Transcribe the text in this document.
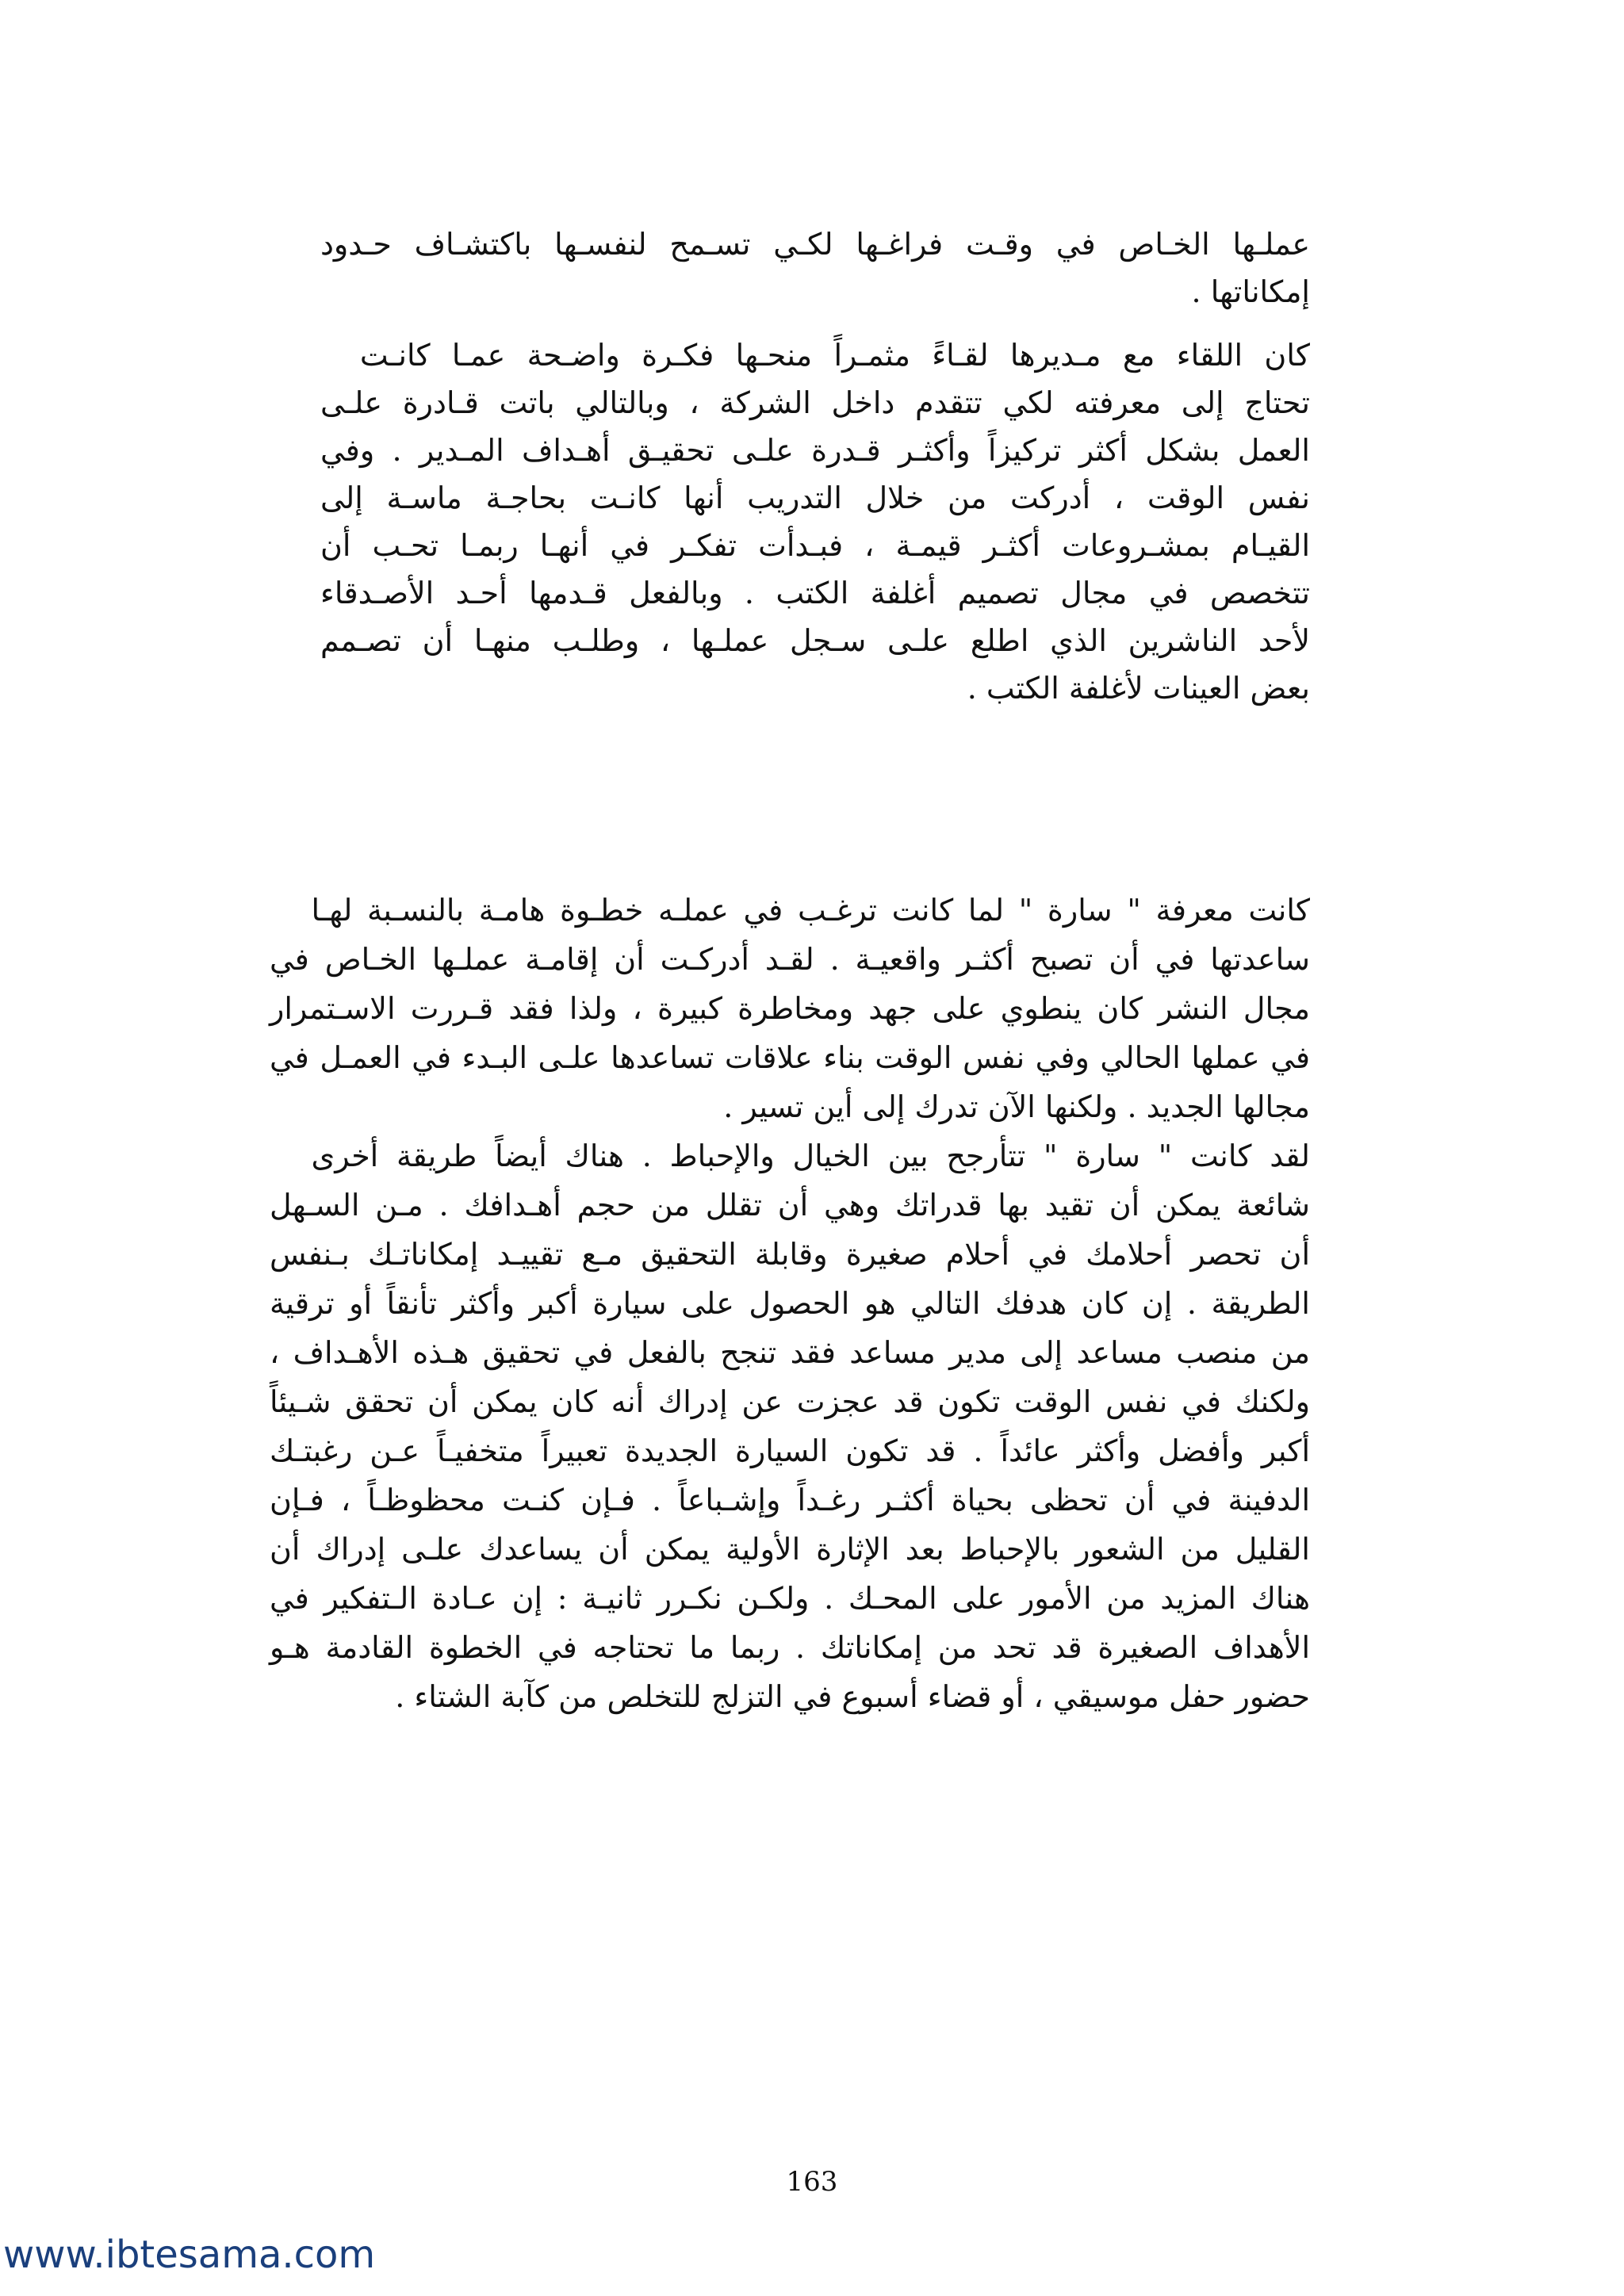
عملـها الخـاص في وقـت فراغـها لكـي تسـمح لنفسـها باكتشـاف حـدود
إمكاناتها .
كان اللقاء مع مـديرها لقـاءً مثمـراً منحـها فكـرة واضـحة عمـا كانـت
تحتاج إلى معرفته لكي تتقدم داخل الشركة ، وبالتالي باتت قـادرة علـى
العمل بشكل أكثر تركيزاً وأكثـر قـدرة علـى تحقيـق أهـداف المـدير . وفي
نفس الوقت ، أدركت من خلال التدريب أنها كانـت بحاجـة ماسـة إلى
القيـام بمشـروعات أكثـر قيمـة ، فبـدأت تفكـر في أنهـا ربمـا تحـب أن
تتخصص في مجال تصميم أغلفة الكتب . وبالفعل قـدمها أحـد الأصـدقاء
لأحد الناشرين الذي اطلع علـى سـجل عملـها ، وطلـب منهـا أن تصـمم
بعض العينات لأغلفة الكتب .
كانت معرفة " سارة " لما كانت ترغـب في عملـه خطـوة هامـة بالنسـبة لهـا
ساعدتها في أن تصبح أكثـر واقعيـة . لقـد أدركـت أن إقامـة عملـها الخـاص في
مجال النشر كان ينطوي على جهد ومخاطرة كبيرة ، ولذا فقد قـررت الاسـتمرار
في عملها الحالي وفي نفس الوقت بناء علاقات تساعدها علـى البـدء في العمـل في
مجالها الجديد . ولكنها الآن تدرك إلى أين تسير .
لقد كانت " سارة " تتأرجح بين الخيال والإحباط . هناك أيضاً طريقة أخرى
شائعة يمكن أن تقيد بها قدراتك وهي أن تقلل من حجم أهـدافك . مـن السـهل
أن تحصر أحلامك في أحلام صغيرة وقابلة التحقيق مـع تقييـد إمكاناتـك بـنفس
الطريقة . إن كان هدفك التالي هو الحصول على سيارة أكبر وأكثر تأنقاً أو ترقية
من منصب مساعد إلى مدير مساعد فقد تنجح بالفعل في تحقيق هـذه الأهـداف ،
ولكنك في نفس الوقت تكون قد عجزت عن إدراك أنه كان يمكن أن تحقق شـيئاً
أكبر وأفضل وأكثر عائداً . قد تكون السيارة الجديدة تعبيراً متخفيـاً عـن رغبتـك
الدفينة في أن تحظى بحياة أكثـر رغـداً وإشـباعاً . فـإن كنـت محظوظـاً ، فـإن
القليل من الشعور بالإحباط بعد الإثارة الأولية يمكن أن يساعدك علـى إدراك أن
هناك المزيد من الأمور على المحـك . ولكـن نكـرر ثانيـة : إن عـادة الـتفكير في
الأهداف الصغيرة قد تحد من إمكاناتك . ربما ما تحتاجه في الخطوة القادمة هـو
حضور حفل موسيقي ، أو قضاء أسبوع في التزلج للتخلص من كآبة الشتاء .
163
www.ibtesama.com
